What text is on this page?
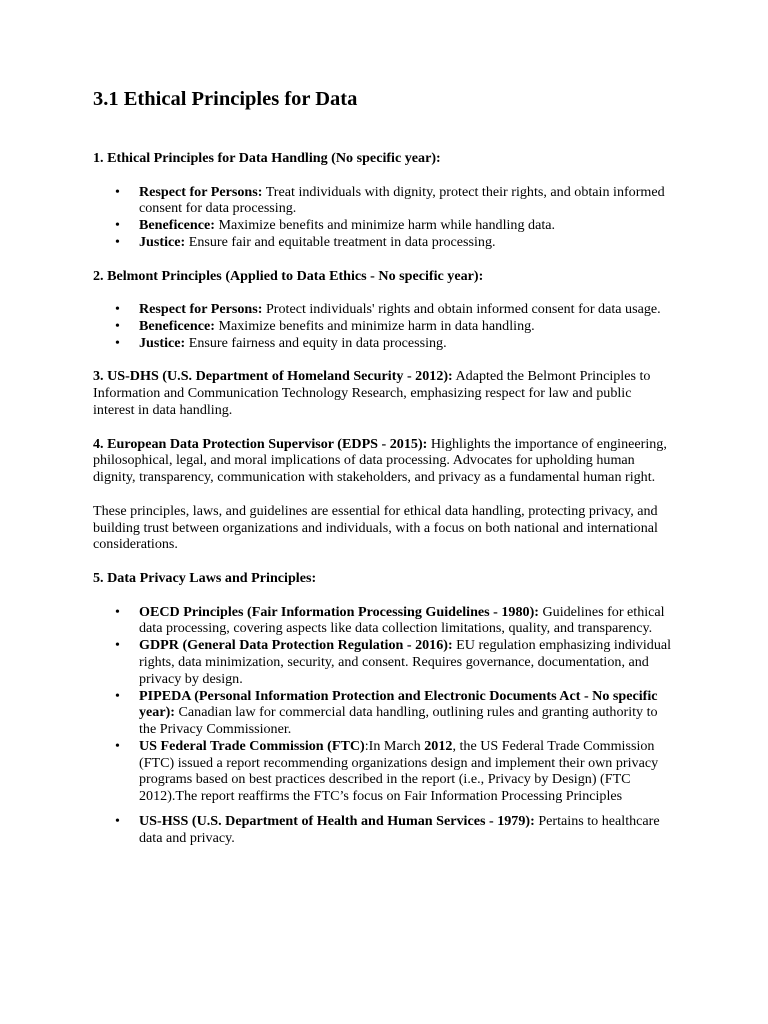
3.1 Ethical Principles for Data

1. Ethical Principles for Data Handling (No specific year):

• Respect for Persons: Treat individuals with dignity, protect their rights, and obtain informed consent for data processing.
• Beneficence: Maximize benefits and minimize harm while handling data.
• Justice: Ensure fair and equitable treatment in data processing.

2. Belmont Principles (Applied to Data Ethics - No specific year):

• Respect for Persons: Protect individuals' rights and obtain informed consent for data usage.
• Beneficence: Maximize benefits and minimize harm in data handling.
• Justice: Ensure fairness and equity in data processing.

3. US-DHS (U.S. Department of Homeland Security - 2012): Adapted the Belmont Principles to Information and Communication Technology Research, emphasizing respect for law and public interest in data handling.

4. European Data Protection Supervisor (EDPS - 2015): Highlights the importance of engineering, philosophical, legal, and moral implications of data processing. Advocates for upholding human dignity, transparency, communication with stakeholders, and privacy as a fundamental human right.

These principles, laws, and guidelines are essential for ethical data handling, protecting privacy, and building trust between organizations and individuals, with a focus on both national and international considerations.

5. Data Privacy Laws and Principles:

• OECD Principles (Fair Information Processing Guidelines - 1980): Guidelines for ethical data processing, covering aspects like data collection limitations, quality, and transparency.
• GDPR (General Data Protection Regulation - 2016): EU regulation emphasizing individual rights, data minimization, security, and consent. Requires governance, documentation, and privacy by design.
• PIPEDA (Personal Information Protection and Electronic Documents Act - No specific year): Canadian law for commercial data handling, outlining rules and granting authority to the Privacy Commissioner.
• US Federal Trade Commission (FTC):In March 2012, the US Federal Trade Commission (FTC) issued a report recommending organizations design and implement their own privacy programs based on best practices described in the report (i.e., Privacy by Design) (FTC 2012).The report reaffirms the FTC’s focus on Fair Information Processing Principles
• US-HSS (U.S. Department of Health and Human Services - 1979): Pertains to healthcare data and privacy.
